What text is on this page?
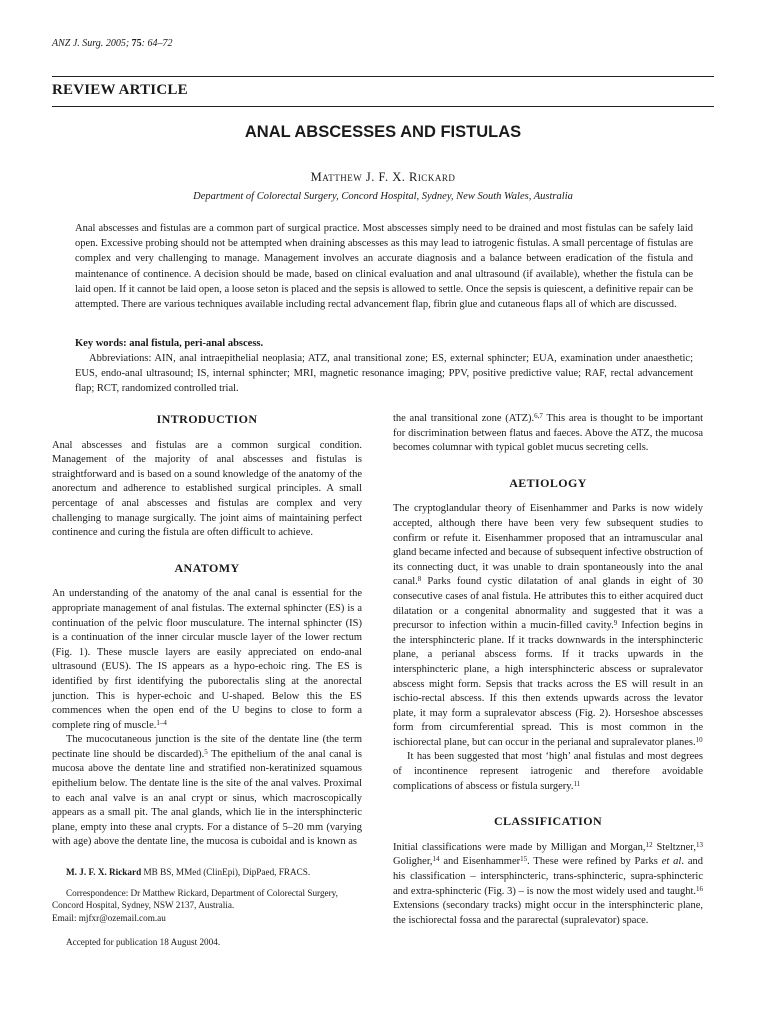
ANZ J. Surg. 2005; 75: 64–72
REVIEW ARTICLE
ANAL ABSCESSES AND FISTULAS
Matthew J. F. X. Rickard
Department of Colorectal Surgery, Concord Hospital, Sydney, New South Wales, Australia

Anal abscesses and fistulas are a common part of surgical practice. Most abscesses simply need to be drained and most fistulas can be safely laid open. Excessive probing should not be attempted when draining abscesses as this may lead to iatrogenic fistulas. A small percentage of fistulas are complex and very challenging to manage. Management involves an accurate diagnosis and a balance between eradication of the fistula and maintenance of continence. A decision should be made, based on clinical evaluation and anal ultrasound (if available), whether the fistula can be laid open. If it cannot be laid open, a loose seton is placed and the sepsis is allowed to settle. Once the sepsis is quiescent, a definitive repair can be attempted. There are various techniques available including rectal advancement flap, fibrin glue and cutaneous flaps all of which are discussed.

Key words: anal fistula, peri-anal abscess.

Abbreviations: AIN, anal intraepithelial neoplasia; ATZ, anal transitional zone; ES, external sphincter; EUA, examination under anaesthetic; EUS, endo-anal ultrasound; IS, internal sphincter; MRI, magnetic resonance imaging; PPV, positive predictive value; RAF, rectal advancement flap; RCT, randomized controlled trial.

INTRODUCTION

Anal abscesses and fistulas are a common surgical condition. Management of the majority of anal abscesses and fistulas is straightforward and is based on a sound knowledge of the anatomy of the anorectum and adherence to established surgical principles. A small percentage of anal abscesses and fistulas are complex and very challenging to manage surgically. The joint aims of maintaining perfect continence and curing the fistula are often difficult to achieve.

ANATOMY

An understanding of the anatomy of the anal canal is essential for the appropriate management of anal fistulas. The external sphincter (ES) is a continuation of the pelvic floor musculature. The internal sphincter (IS) is a continuation of the inner circular muscle layer of the lower rectum (Fig. 1). These muscle layers are easily appreciated on endo-anal ultrasound (EUS). The IS appears as a hypo-echoic ring. The ES is identified by first identifying the puborectalis sling at the anorectal junction. This is hyper-echoic and U-shaped. Below this the ES commences when the open end of the U begins to close to form a complete ring of muscle.$^{1-4}$

The mucocutaneous junction is the site of the dentate line (the term pectinate line should be discarded).$^5$ The epithelium of the anal canal is mucosa above the dentate line and stratified non-keratinized squamous epithelium below. The dentate line is the site of the anal valves. Proximal to each anal valve is an anal crypt or sinus, which macroscopically appears as a small pit. The anal glands, which lie in the intersphincteric plane, empty into these anal crypts. For a distance of 5–20 mm (varying with age) above the dentate line, the mucosa is cuboidal and is known as

M. J. F. X. Rickard MB BS, MMed (ClinEpi), DipPaed, FRACS.

Correspondence: Dr Matthew Rickard, Department of Colorectal Surgery, Concord Hospital, Sydney, NSW 2137, Australia.

Email: mjfxr@ozemail.com.au

Accepted for publication 18 August 2004.

the anal transitional zone (ATZ).$^{6,7}$ This area is thought to be important for discrimination between flatus and faeces. Above the ATZ, the mucosa becomes columnar with typical goblet mucus secreting cells.

AETIOLOGY

The cryptoglandular theory of Eisenhammer and Parks is now widely accepted, although there have been very few subsequent studies to confirm or refute it. Eisenhammer proposed that an intramuscular anal gland became infected and because of subsequent infective obstruction of its connecting duct, it was unable to drain spontaneously into the anal canal.$^8$ Parks found cystic dilatation of anal glands in eight of 30 consecutive cases of anal fistula. He attributes this to either acquired duct dilatation or a congenital abnormality and suggested that it was a precursor to infection within a mucin-filled cavity.$^9$ Infection begins in the intersphincteric plane. If it tracks downwards in the intersphincteric plane, a perianal abscess forms. If it tracks upwards in the intersphincteric plane, a high intersphincteric abscess or supralevator abscess might form. Sepsis that tracks across the ES will result in an ischio-rectal abscess. If this then extends upwards across the levator plate, it may form a supralevator abscess (Fig. 2). Horseshoe abscesses form from circumferential spread. This is most common in the ischiorectal plane, but can occur in the perianal and supralevator planes.$^{10}$

It has been suggested that most ‘high’ anal fistulas and most degrees of incontinence represent iatrogenic and therefore avoidable complications of abscess or fistula surgery.$^{11}$

CLASSIFICATION

Initial classifications were made by Milligan and Morgan,$^{12}$ Steltzner,$^{13}$ Goligher,$^{14}$ and Eisenhammer$^{15}$. These were refined by Parks et al. and his classification – intersphincteric, trans-sphincteric, supra-sphincteric and extra-sphincteric (Fig. 3) – is now the most widely used and taught.$^{16}$ Extensions (secondary tracks) might occur in the intersphincteric plane, the ischiorectal fossa and the pararectal (supralevator) space.
